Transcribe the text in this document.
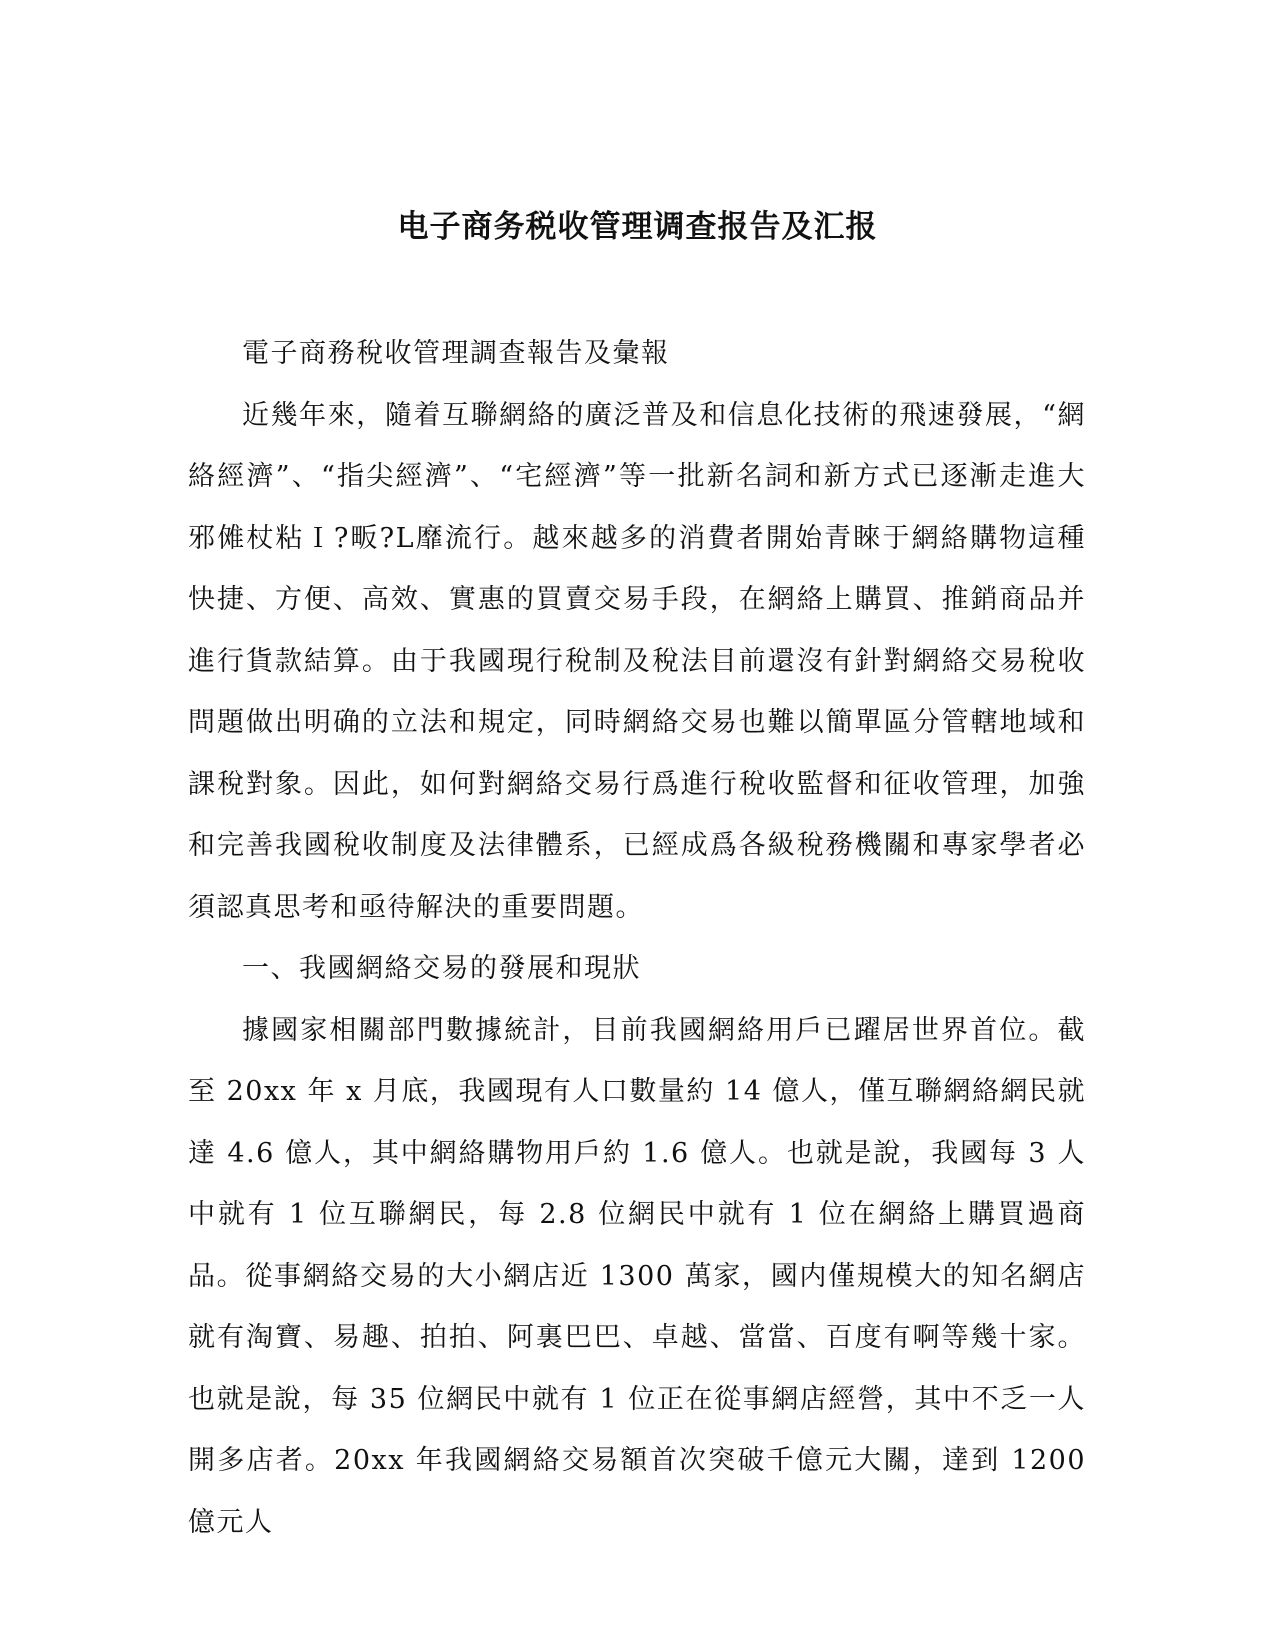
电子商务税收管理调查报告及汇报

電子商務稅收管理調查報告及彙報

近幾年來，隨着互聯網絡的廣泛普及和信息化技術的飛速發展，“網絡經濟”、“指尖經濟”、“宅經濟”等一批新名詞和新方式已逐漸走進大邪傩杖粘Ｉ?畈?L靡流行。越來越多的消費者開始青睞于網絡購物這種快捷、方便、高效、實惠的買賣交易手段，在網絡上購買、推銷商品并進行貨款結算。由于我國現行稅制及稅法目前還沒有針對網絡交易稅收問題做出明确的立法和規定，同時網絡交易也難以簡單區分管轄地域和課稅對象。因此，如何對網絡交易行爲進行稅收監督和征收管理，加強和完善我國稅收制度及法律體系，已經成爲各級稅務機關和專家學者必須認真思考和亟待解決的重要問題。

一、我國網絡交易的發展和現狀

據國家相關部門數據統計，目前我國網絡用戶已躍居世界首位。截至 20xx 年 x 月底，我國現有人口數量約 14 億人，僅互聯網絡網民就達 4.6 億人，其中網絡購物用戶約 1.6 億人。也就是說，我國每 3 人中就有 1 位互聯網民，每 2.8 位網民中就有 1 位在網絡上購買過商品。從事網絡交易的大小網店近 1300 萬家，國内僅規模大的知名網店就有淘寶、易趣、拍拍、阿裏巴巴、卓越、當當、百度有啊等幾十家。也就是說，每 35 位網民中就有 1 位正在從事網店經營，其中不乏一人開多店者。20xx 年我國網絡交易額首次突破千億元大關，達到 1200 億元人
